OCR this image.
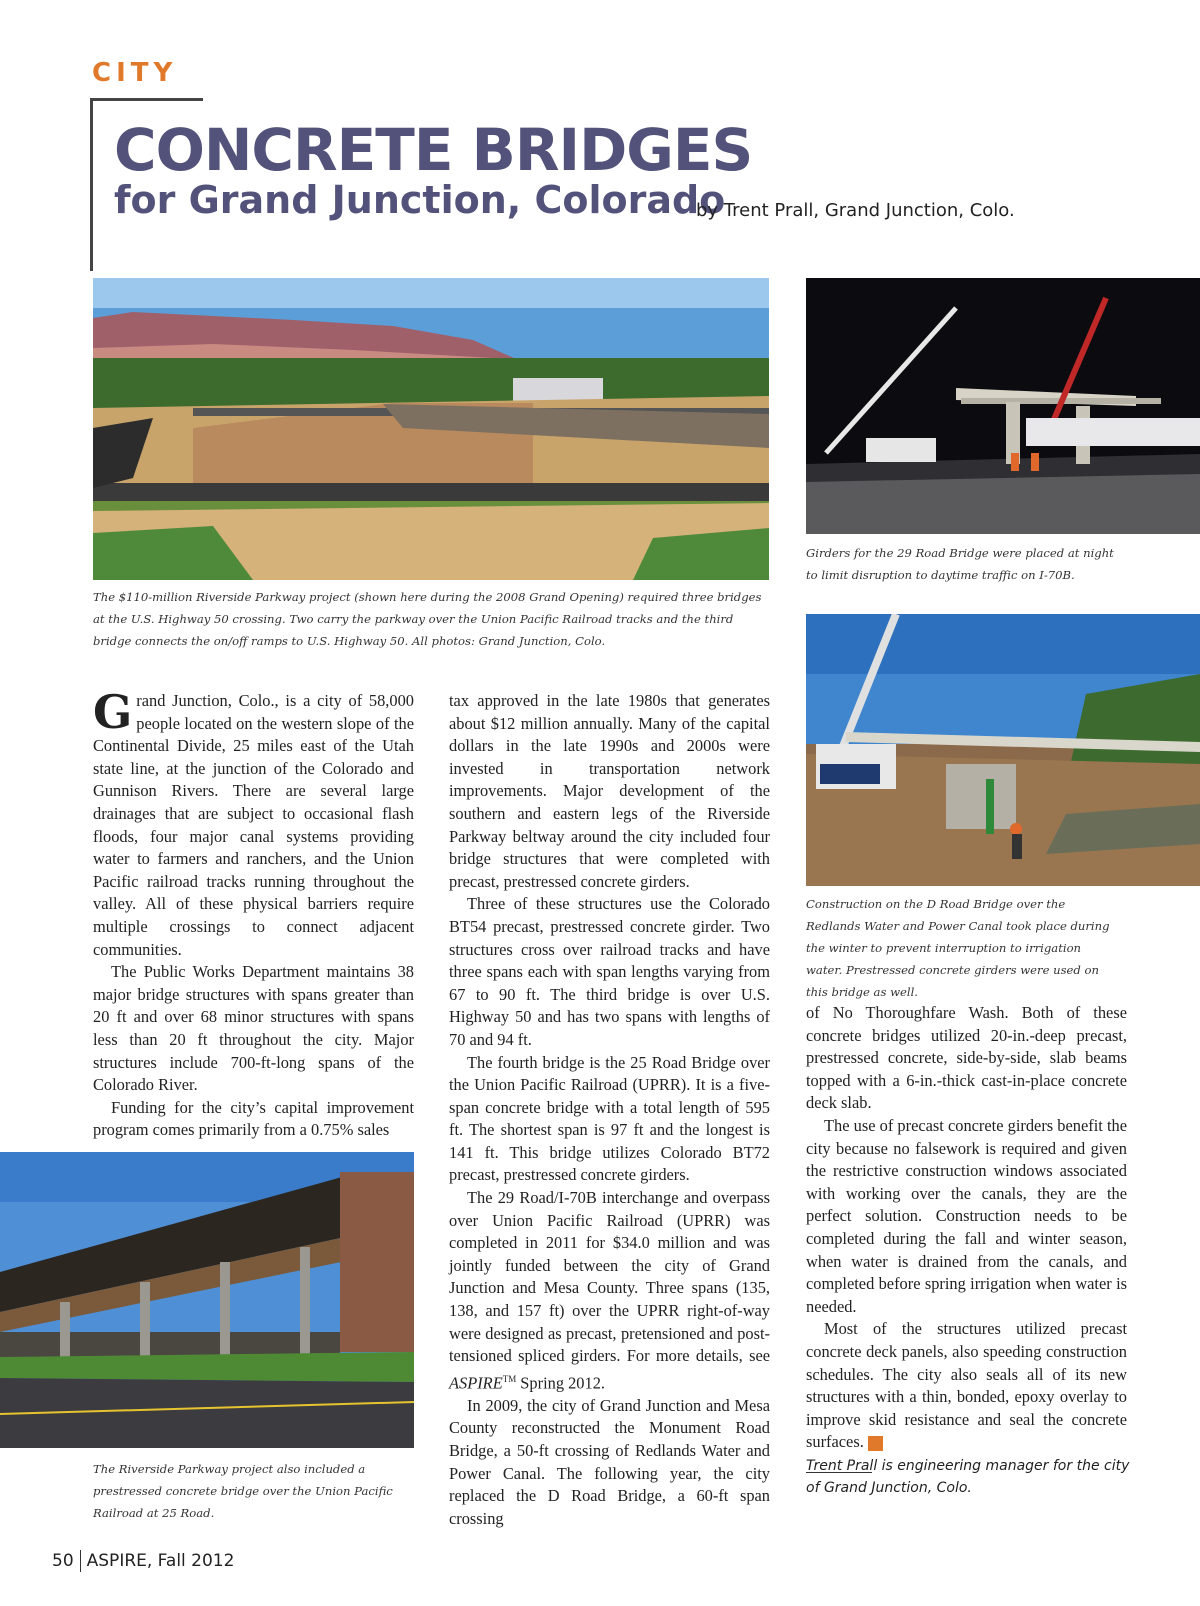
CITY
CONCRETE BRIDGES
for Grand Junction, Colorado
by Trent Prall, Grand Junction, Colo.
The $110-million Riverside Parkway project (shown here during the 2008 Grand Opening) required three bridges at the U.S. Highway 50 crossing. Two carry the parkway over the Union Pacific Railroad tracks and the third bridge connects the on/off ramps to U.S. Highway 50. All photos: Grand Junction, Colo.
Girders for the 29 Road Bridge were placed at night to limit disruption to daytime traffic on I-70B.
Construction on the D Road Bridge over the Redlands Water and Power Canal took place during the winter to prevent interruption to irrigation water. Prestressed concrete girders were used on this bridge as well.
The Riverside Parkway project also included a prestressed concrete bridge over the Union Pacific Railroad at 25 Road.

Grand Junction, Colo., is a city of 58,000 people located on the western slope of the Continental Divide, 25 miles east of the Utah state line, at the junction of the Colorado and Gunnison Rivers. There are several large drainages that are subject to occasional flash floods, four major canal systems providing water to farmers and ranchers, and the Union Pacific railroad tracks running throughout the valley. All of these physical barriers require multiple crossings to connect adjacent communities.

The Public Works Department maintains 38 major bridge structures with spans greater than 20 ft and over 68 minor structures with spans less than 20 ft throughout the city. Major structures include 700-ft-long spans of the Colorado River.

Funding for the city’s capital improvement program comes primarily from a 0.75% sales

tax approved in the late 1980s that generates about $12 million annually. Many of the capital dollars in the late 1990s and 2000s were invested in transportation network improvements. Major development of the southern and eastern legs of the Riverside Parkway beltway around the city included four bridge structures that were completed with precast, prestressed concrete girders.

Three of these structures use the Colorado BT54 precast, prestressed concrete girder. Two structures cross over railroad tracks and have three spans each with span lengths varying from 67 to 90 ft. The third bridge is over U.S. Highway 50 and has two spans with lengths of 70 and 94 ft.

The fourth bridge is the 25 Road Bridge over the Union Pacific Railroad (UPRR). It is a five-span concrete bridge with a total length of 595 ft. The shortest span is 97 ft and the longest is 141 ft. This bridge utilizes Colorado BT72 precast, prestressed concrete girders.

The 29 Road/I-70B interchange and overpass over Union Pacific Railroad (UPRR) was completed in 2011 for $34.0 million and was jointly funded between the city of Grand Junction and Mesa County. Three spans (135, 138, and 157 ft) over the UPRR right-of-way were designed as precast, pretensioned and post-tensioned spliced girders. For more details, see ASPIRE™ Spring 2012.

In 2009, the city of Grand Junction and Mesa County reconstructed the Monument Road Bridge, a 50-ft crossing of Redlands Water and Power Canal. The following year, the city replaced the D Road Bridge, a 60-ft span crossing

of No Thoroughfare Wash. Both of these concrete bridges utilized 20-in.-deep precast, prestressed concrete, side-by-side, slab beams topped with a 6-in.-thick cast-in-place concrete deck slab.

The use of precast concrete girders benefit the city because no falsework is required and given the restrictive construction windows associated with working over the canals, they are the perfect solution. Construction needs to be completed during the fall and winter season, when water is drained from the canals, and completed before spring irrigation when water is needed.

Most of the structures utilized precast concrete deck panels, also speeding construction schedules. The city also seals all of its new structures with a thin, bonded, epoxy overlay to improve skid resistance and seal the concrete surfaces. A

Trent Prall is engineering manager for the city of Grand Junction, Colo.
50 ASPIRE, Fall 2012
